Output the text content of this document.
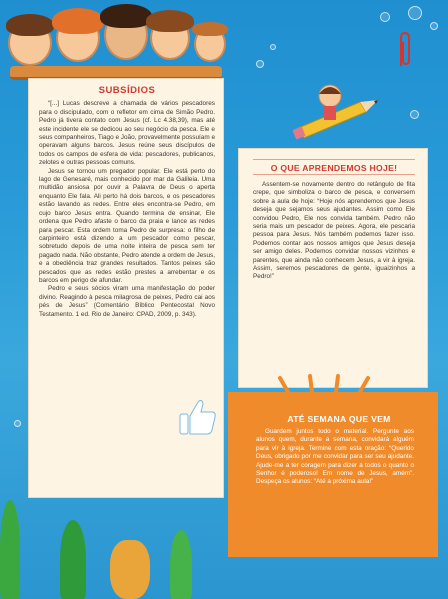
SUBSÍDIOS

“[...] Lucas descreve a chamada de vários pescadores para o discipulado, com o refletor em cima de Simão Pedro. Pedro já tivera contato com Jesus (cf. Lc 4.38,39), mas até este incidente ele se dedicou ao seu negócio da pesca. Ele e seus companheiros, Tiago e João, provavelmente possuíam e operavam alguns barcos. Jesus reúne seus discípulos de todos os campos de esfera de vida: pescadores, publicanos, zelotes e outras pessoas comuns.

Jesus se tornou um pregador popular. Ele está perto do lago de Genesaré, mais conhecido por mar da Galileia. Uma multidão ansiosa por ouvir a Palavra de Deus o aperta enquanto Ele fala. Ali perto há dois barcos, e os pescadores estão lavando as redes. Entre eles encontra-se Pedro, em cujo barco Jesus entra. Quando termina de ensinar, Ele ordena que Pedro afaste o barco da praia e lance as redes para pescar. Esta ordem toma Pedro de surpresa: o filho de carpinteiro está dizendo a um pescador como pescar, sobretudo depois de uma noite inteira de pesca sem ter pagado nada. Não obstante, Pedro atende a ordem de Jesus, e a obediência traz grandes resultados. Tantos peixes são pescados que as redes estão prestes a arrebentar e os barcos em perigo de afundar.

Pedro e seus sócios viram uma manifestação do poder divino. Reagindo à pesca milagrosa de peixes, Pedro cai aos pés de Jesus” (Comentário Bíblico Pentecostal Novo Testamento. 1 ed. Rio de Janeiro: CPAD, 2009, p. 343).

O QUE APRENDEMOS HOJE!

Assentem-se novamente dentro do retângulo de fita crepe, que simboliza o barco de pesca, e conversem sobre a aula de hoje: “Hoje nós aprendemos que Jesus deseja que sejamos seus ajudantes. Assim como Ele convidou Pedro, Ele nos convida também. Pedro não seria mais um pescador de peixes. Agora, ele pescaria pessoa para Jesus. Nós também podemos fazer isso. Podemos contar aos nossos amigos que Jesus deseja ser amigo deles. Podemos convidar nossos vizinhos e parentes, que ainda não conhecem Jesus, a vir à igreja. Assim, seremos pescadores de gente, iguaizinhos a Pedro!”

ATÉ SEMANA QUE VEM

Guardem juntos todo o material. Pergunte aos alunos quem, durante a semana, convidará alguém para vir à igreja. Termine com esta oração: “Querido Deus, obrigado por me convidar para ser seu ajudante. Ajude-me a ter coragem para dizer a todos o quanto o Senhor é poderoso! Em nome de Jesus, amém”. Despeça os alunos: “Até a próxima aula!”
